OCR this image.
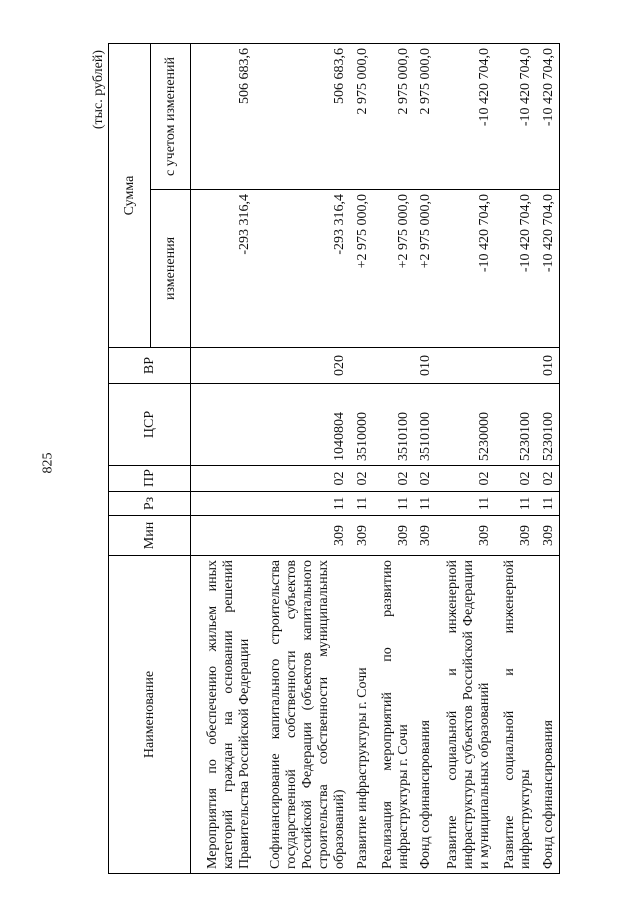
825
(тыс. рублей)
Наименование	Мин	Рз	ПР	ЦСР	ВР	Сумма	
						изменения	с учетом изменений
Мероприятия по обеспечению жильем иных категорий граждан на основании решений Правительства Российской Федерации						-293 316,4	506 683,6
Софинансирование капитального строительства государственной собственности субъектов Российской Федерации (объектов капитального строительства собственности муниципальных образований)	309	11	02	1040804	020	-293 316,4	506 683,6
Развитие инфраструктуры г. Сочи	309	11	02	3510000		+2 975 000,0	2 975 000,0
Реализация мероприятий по развитию инфраструктуры г. Сочи	309	11	02	3510100		+2 975 000,0	2 975 000,0
Фонд софинансирования	309	11	02	3510100	010	+2 975 000,0	2 975 000,0
Развитие социальной и инженерной инфраструктуры субъектов Российской Федерации и муниципальных образований	309	11	02	5230000		-10 420 704,0	-10 420 704,0
Развитие социальной и инженерной инфраструктуры	309	11	02	5230100		-10 420 704,0	-10 420 704,0
Фонд софинансирования	309	11	02	5230100	010	-10 420 704,0	-10 420 704,0
